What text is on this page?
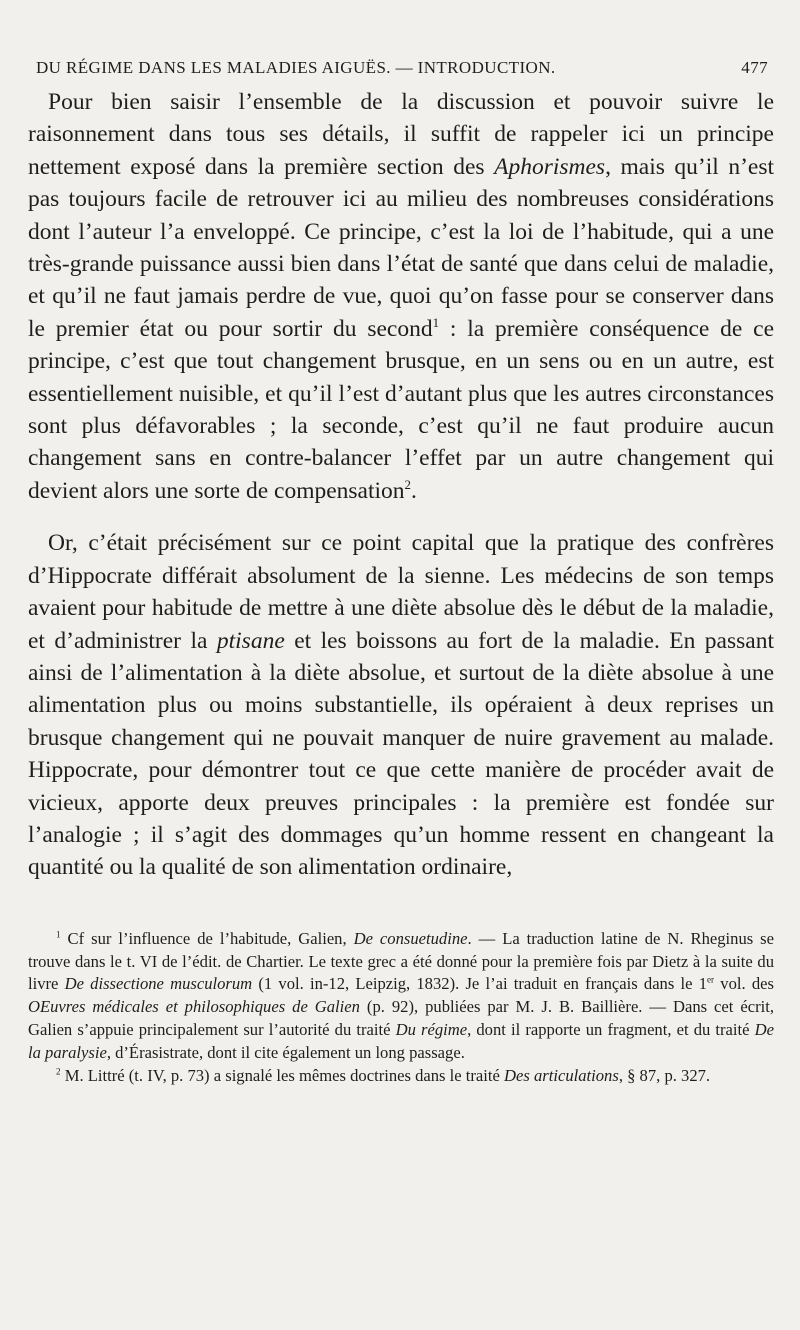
DU RÉGIME DANS LES MALADIES AIGUËS. — INTRODUCTION.	477

Pour bien saisir l’ensemble de la discussion et pouvoir suivre le raisonnement dans tous ses détails, il suffit de rappeler ici un principe nettement exposé dans la première section des Aphorismes, mais qu’il n’est pas toujours facile de retrouver ici au milieu des nombreuses considérations dont l’auteur l’a enveloppé. Ce principe, c’est la loi de l’habitude, qui a une très-grande puissance aussi bien dans l’état de santé que dans celui de maladie, et qu’il ne faut jamais perdre de vue, quoi qu’on fasse pour se conserver dans le premier état ou pour sortir du second$^1$ : la première conséquence de ce principe, c’est que tout changement brusque, en un sens ou en un autre, est essentiellement nuisible, et qu’il l’est d’autant plus que les autres circonstances sont plus défavorables ; la seconde, c’est qu’il ne faut produire aucun changement sans en contre-balancer l’effet par un autre changement qui devient alors une sorte de compensation$^2$.

Or, c’était précisément sur ce point capital que la pratique des confrères d’Hippocrate différait absolument de la sienne. Les médecins de son temps avaient pour habitude de mettre à une diète absolue dès le début de la maladie, et d’administrer la ptisane et les boissons au fort de la maladie. En passant ainsi de l’alimentation à la diète absolue, et surtout de la diète absolue à une alimentation plus ou moins substantielle, ils opéraient à deux reprises un brusque changement qui ne pouvait manquer de nuire gravement au malade. Hippocrate, pour démontrer tout ce que cette manière de procéder avait de vicieux, apporte deux preuves principales : la première est fondée sur l’analogie ; il s’agit des dommages qu’un homme ressent en changeant la quantité ou la qualité de son alimentation ordinaire,

$^1$ Cf sur l’influence de l’habitude, Galien, De consuetudine. — La traduction latine de N. Rheginus se trouve dans le t. VI de l’édit. de Chartier. Le texte grec a été donné pour la première fois par Dietz à la suite du livre De dissectione musculorum (1 vol. in-12, Leipzig, 1832). Je l’ai traduit en français dans le 1er vol. des OEuvres médicales et philosophiques de Galien (p. 92), publiées par M. J. B. Baillière. — Dans cet écrit, Galien s’appuie principalement sur l’autorité du traité Du régime, dont il rapporte un fragment, et du traité De la paralysie, d’Érasistrate, dont il cite également un long passage.

$^2$ M. Littré (t. IV, p. 73) a signalé les mêmes doctrines dans le traité Des articulations, § 87, p. 327.
